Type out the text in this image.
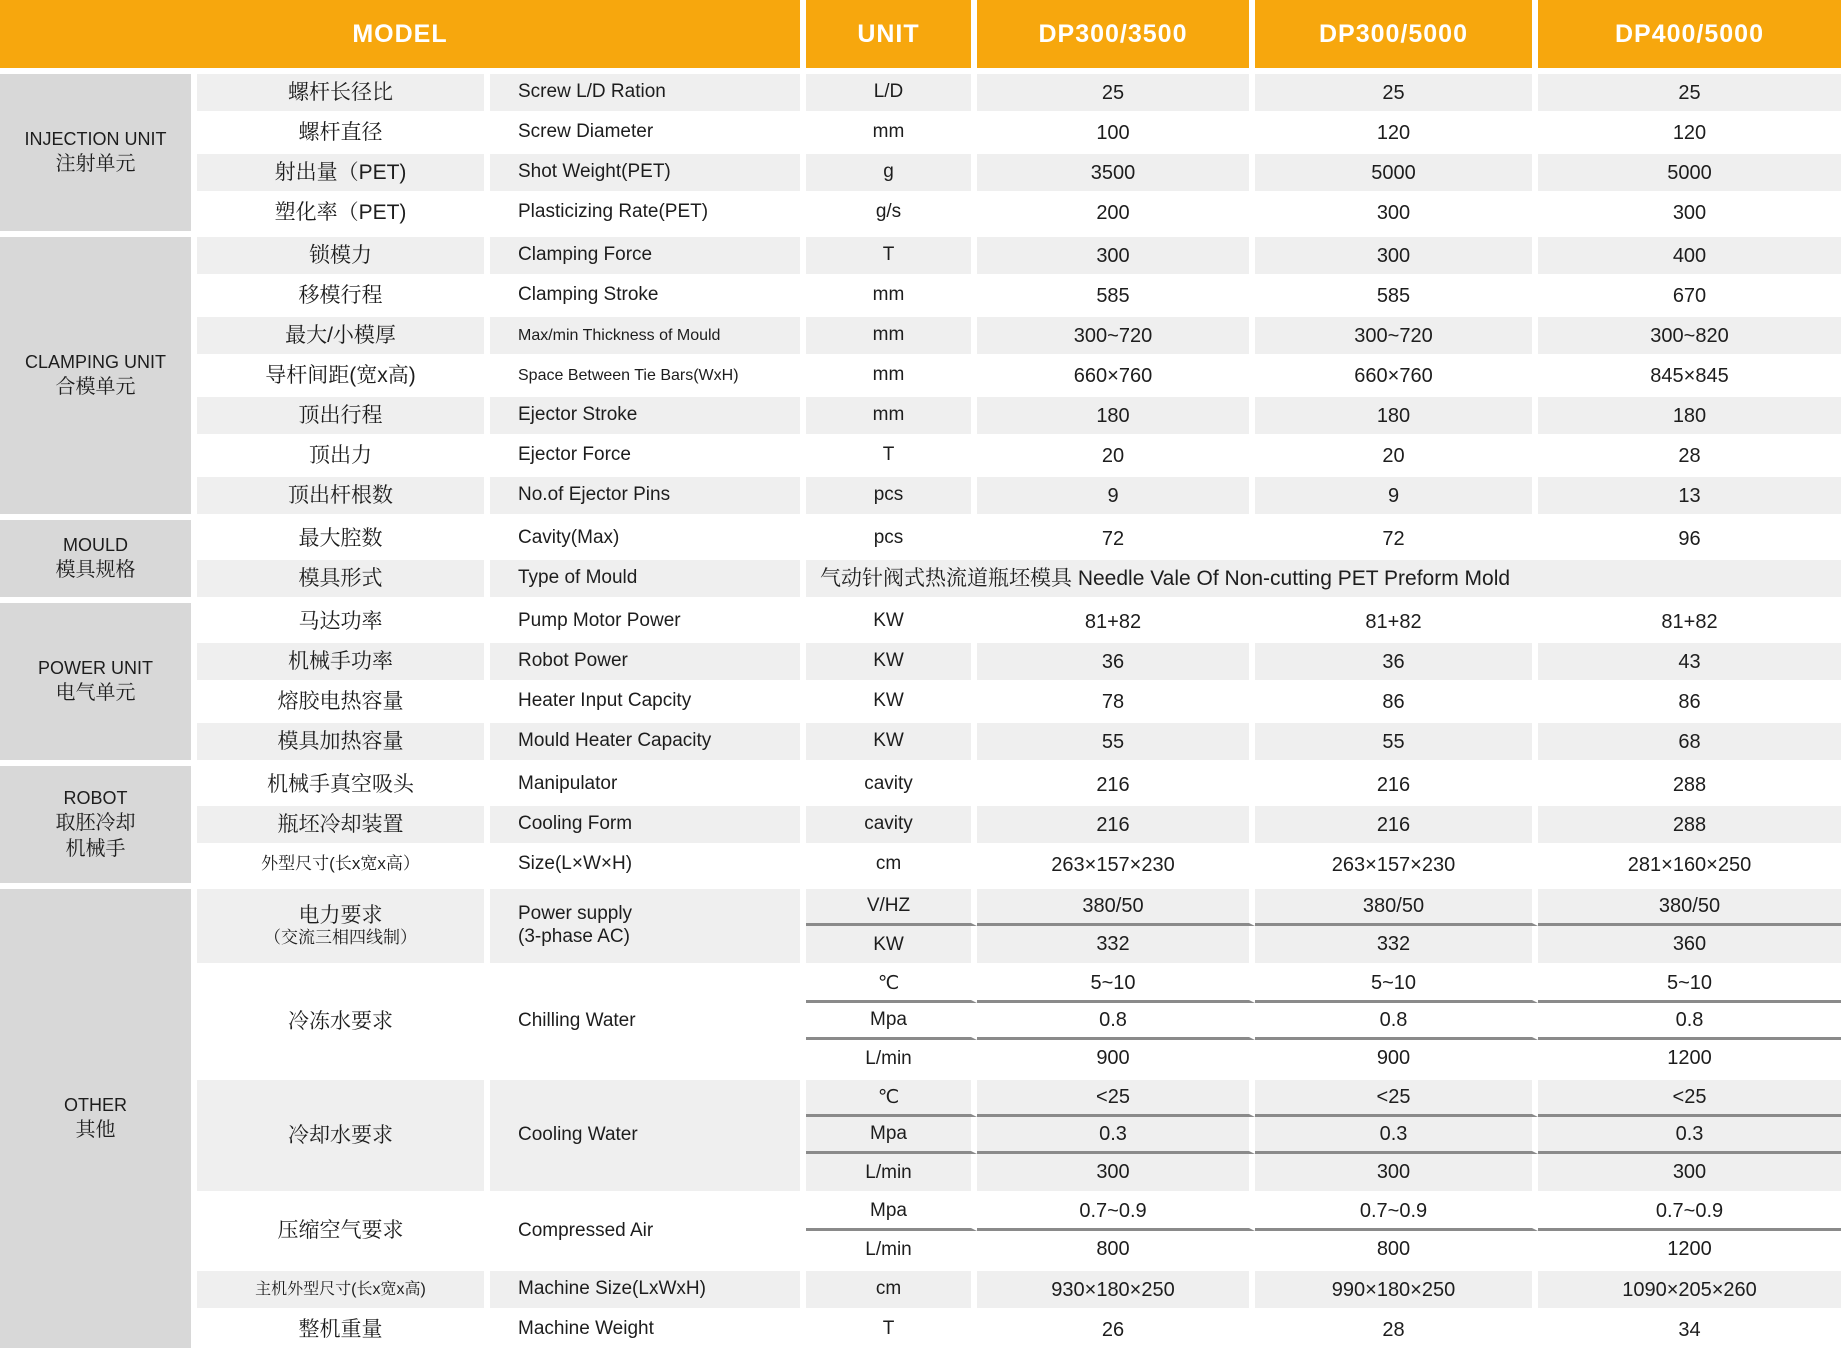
MODEL	UNIT	DP300/3500	DP300/5000	DP400/5000
INJECTION UNIT
注射单元
螺杆长径比	Screw L/D Ration	L/D	25	25	25
螺杆直径	Screw Diameter	mm	100	120	120
射出量（PET)	Shot Weight(PET)	g	3500	5000	5000
塑化率（PET)	Plasticizing Rate(PET)	g/s	200	300	300
CLAMPING UNIT
合模单元
锁模力	Clamping Force	T	300	300	400
移模行程	Clamping Stroke	mm	585	585	670
最大/小模厚	Max/min Thickness of Mould	mm	300~720	300~720	300~820
导杆间距(宽x高)	Space Between Tie Bars(WxH)	mm	660×760	660×760	845×845
顶出行程	Ejector Stroke	mm	180	180	180
顶出力	Ejector Force	T	20	20	28
顶出杆根数	No.of Ejector Pins	pcs	9	9	13
MOULD
模具规格
最大腔数	Cavity(Max)	pcs	72	72	96
模具形式	Type of Mould	气动针阀式热流道瓶坯模具 Needle Vale Of Non-cutting PET Preform Mold
POWER UNIT
电气单元
马达功率	Pump Motor Power	KW	81+82	81+82	81+82
机械手功率	Robot Power	KW	36	36	43
熔胶电热容量	Heater Input Capcity	KW	78	86	86
模具加热容量	Mould Heater Capacity	KW	55	55	68
ROBOT
取胚冷却
机械手
机械手真空吸头	Manipulator	cavity	216	216	288
瓶坯冷却装置	Cooling Form	cavity	216	216	288
外型尺寸(长x宽x高）	Size(L×W×H)	cm	263×157×230	263×157×230	281×160×250
OTHER
其他
电力要求
（交流三相四线制）
Power supply
(3-phase AC)
V/HZ	380/50	380/50	380/50
KW	332	332	360
冷冻水要求	Chilling Water
℃	5~10	5~10	5~10
Mpa	0.8	0.8	0.8
L/min	900	900	1200
冷却水要求	Cooling Water
℃	<25	<25	<25
Mpa	0.3	0.3	0.3
L/min	300	300	300
压缩空气要求	Compressed Air
Mpa	0.7~0.9	0.7~0.9	0.7~0.9
L/min	800	800	1200
主机外型尺寸(长x宽x高)	Machine Size(LxWxH)	cm	930×180×250	990×180×250	1090×205×260
整机重量	Machine Weight	T	26	28	34
